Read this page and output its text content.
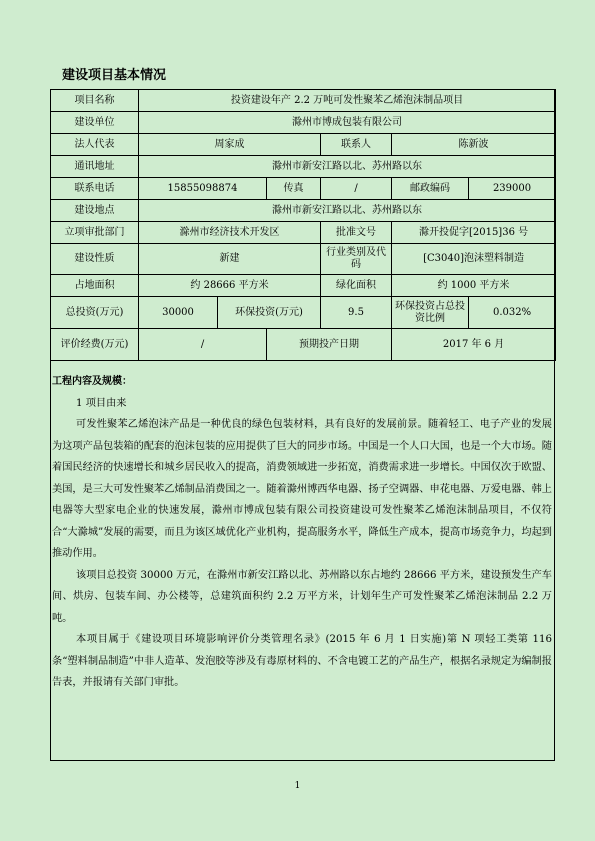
建设项目基本情况
项目名称	投资建设年产 2.2 万吨可发性聚苯乙烯泡沫制品项目					
建设单位	滁州市博成包装有限公司					
法人代表	周家成			联系人	陈新波	
通讯地址	滁州市新安江路以北、苏州路以东					
联系电话	15855098874		传真	/	邮政编码	239000
建设地点	滁州市新安江路以北、苏州路以东					
立项审批部门	滁州市经济技术开发区			批准文号	滁开投促字[2015]36 号	
建设性质	新建			行业类别及代码	[C3040]泡沫塑料制造	
占地面积	约 28666 平方米			绿化面积	约 1000 平方米	
总投资(万元)	30000	环保投资(万元)		9.5	环保投资占总投资比例	0.032%
评价经费(万元)	/		预期投产日期		2017 年 6 月	

工程内容及规模：

1 项目由来

可发性聚苯乙烯泡沫产品是一种优良的绿色包装材料，具有良好的发展前景。随着轻工、电子产业的发展为这项产品包装箱的配套的泡沫包装的应用提供了巨大的同步市场。中国是一个人口大国，也是一个大市场。随着国民经济的快速增长和城乡居民收入的提高，消费领域进一步拓宽，消费需求进一步增长。中国仅次于欧盟、美国，是三大可发性聚苯乙烯制品消费国之一。随着滁州博西华电器、扬子空调器、申花电器、万爱电器、韩上电器等大型家电企业的快速发展，滁州市博成包装有限公司投资建设可发性聚苯乙烯泡沫制品项目，不仅符合“大滁城”发展的需要，而且为该区域优化产业机构，提高服务水平，降低生产成本，提高市场竞争力，均起到推动作用。

该项目总投资 30000 万元，在滁州市新安江路以北、苏州路以东占地约 28666 平方米，建设预发生产车间、烘房、包装车间、办公楼等，总建筑面积约 2.2 万平方米，计划年生产可发性聚苯乙烯泡沫制品 2.2 万吨。

本项目属于《建设项目环境影响评价分类管理名录》(2015 年 6 月 1 日实施)第 N 项轻工类第 116 条“塑料制品制造”中非人造革、发泡胶等涉及有毒原材料的、不含电镀工艺的产品生产，根据名录规定为编制报告表，并报请有关部门审批。

1
